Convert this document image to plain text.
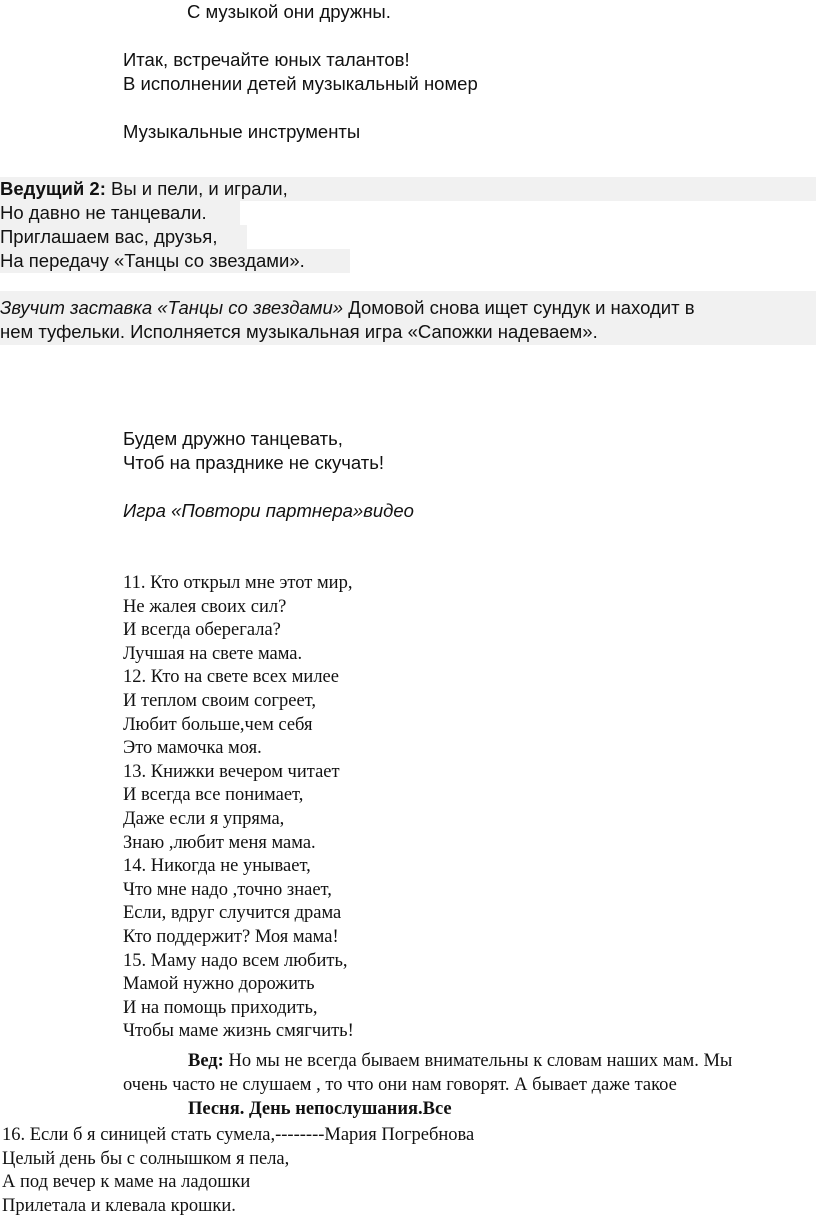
С музыкой они дружны.
Итак, встречайте юных талантов!
В исполнении детей музыкальный номер
Музыкальные инструменты
Ведущий 2: Вы и пели, и играли,
Но давно не танцевали.
Приглашаем вас, друзья,
На передачу «Танцы со звездами».
Звучит заставка «Танцы со звездами» Домовой снова ищет сундук и находит в
нем туфельки. Исполняется музыкальная игра «Сапожки надеваем».
Будем дружно танцевать,
Чтоб на празднике не скучать!
Игра «Повтори партнера»видео
11. Кто открыл мне этот мир,
Не жалея своих сил?
И всегда оберегала?
Лучшая на свете мама.
12. Кто на свете всех милее
И теплом своим согреет,
Любит больше,чем себя
Это мамочка моя.
13. Книжки вечером читает
И всегда все понимает,
Даже если я упряма,
Знаю ,любит меня мама.
14. Никогда не унывает,
Что мне надо ,точно знает,
Если, вдруг случится драма
Кто поддержит? Моя мама!
15. Маму надо всем любить,
Мамой нужно дорожить
И на помощь приходить,
Чтобы маме жизнь смягчить!
Вед: Но мы не всегда бываем внимательны к словам наших мам. Мы
очень часто не слушаем , то что они нам говорят. А бывает даже такое
Песня. День непослушания.Все
16. Если б я синицей стать сумела,--------Мария Погребнова
Целый день бы с солнышком я пела,
А под вечер к маме на ладошки
Прилетала и клевала крошки.
